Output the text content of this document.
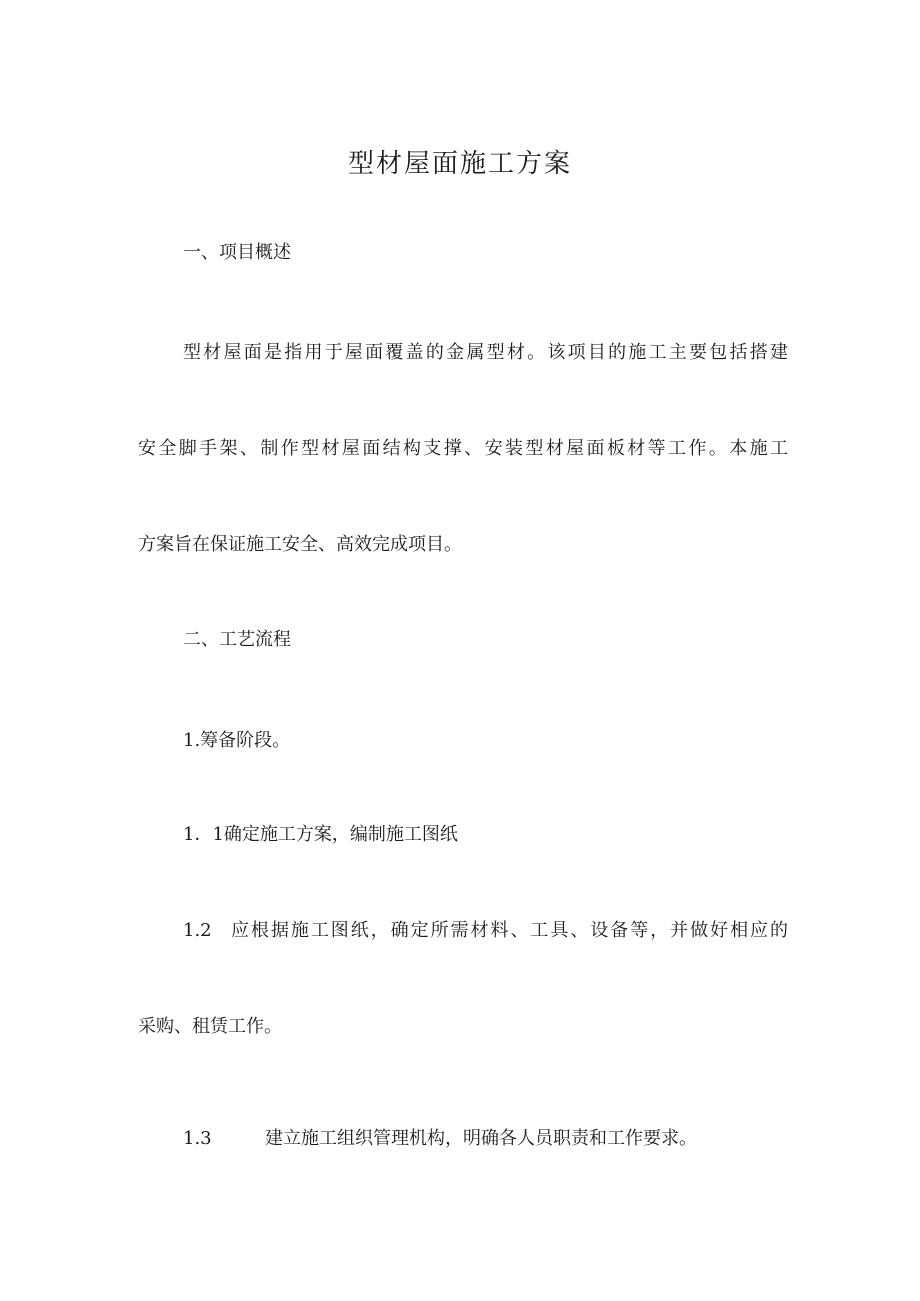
型材屋面施工方案
一、项目概述
型材屋面是指用于屋面覆盖的金属型材。该项目的施工主要包括搭建
安全脚手架、制作型材屋面结构支撑、安装型材屋面板材等工作。本施工
方案旨在保证施工安全、高效完成项目。
二、工艺流程
1.筹备阶段。
1．1确定施工方案，编制施工图纸
1.2 应根据施工图纸，确定所需材料、工具、设备等，并做好相应的
采购、租赁工作。
1.3	建立施工组织管理机构，明确各人员职责和工作要求。
